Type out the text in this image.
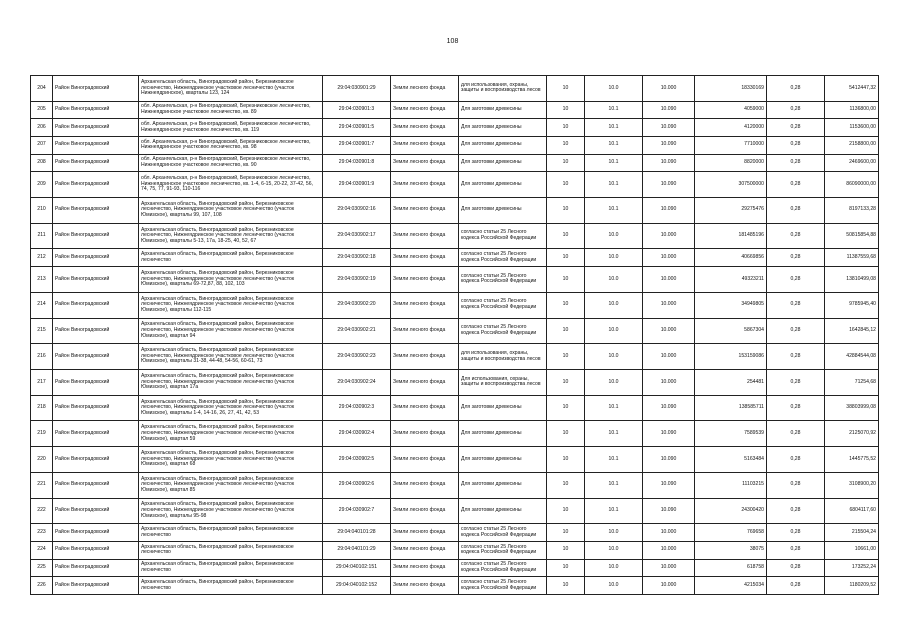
108
204	Район Виноградовский	Архангельская область, Виноградовский район, Березниковское лесничество, Нижнеядринское участковое лесничество (участок Нижнеядринское), кварталы 123, 124	29:04:030901:29	Земли лесного фонда	для использования, охраны, защиты и воспроизводства лесов	10	10.0	10.000	18330169	0,28	5412447,32
205	Район Виноградовский	обл. Архангельская, р-н Виноградовский, Березниковское лесничество, Нижнеядринское участковое лесничество, кв. 89	29:04:030901:3	Земли лесного фонда	Для заготовки древесины	10	10.1	10.090	4059000	0,28	1136800,00
206	Район Виноградовский	обл. Архангельская, р-н Виноградовский, Березниковское лесничество, Нижнеядринское участковое лесничество, кв. 119	29:04:030901:5	Земли лесного фонда	Для заготовки древесины	10	10.1	10.090	4120000	0,28	1153600,00
207	Район Виноградовский	обл. Архангельская, р-н Виноградовский, Березниковское лесничество, Нижнеядринское участковое лесничество, кв. 98	29:04:030901:7	Земли лесного фонда	Для заготовки древесины	10	10.1	10.090	7710000	0,28	2158800,00
208	Район Виноградовский	обл. Архангельская, р-н Виноградовский, Березниковское лесничество, Нижнеядринское участковое лесничество, кв. 90	29:04:030901:8	Земли лесного фонда	Для заготовки древесины	10	10.1	10.090	8820000	0,28	2469600,00
209	Район Виноградовский	обл. Архангельская, р-н Виноградовский, Березниковское лесничество, Нижнеядринское участковое лесничество, кв. 1-4, 6-15, 20-22, 37-42, 56, 74, 75, 77, 91-93, 110-116	29:04:030901:9	Земли лесного фонда	Для заготовки древесины	10	10.1	10.090	307500000	0,28	86090000,00
210	Район Виноградовский	Архангельская область, Виноградовский район, Березниковское лесничество, Нижнеядринское участковое лесничество (участок Юмизское), кварталы 99, 107, 108	29:04:030902:16	Земли лесного фонда	Для заготовки древесины	10	10.1	10.090	29275476	0,28	8197133,28
211	Район Виноградовский	Архангельская область, Виноградовский район, Березниковское лесничество, Нижнеядринское участковое лесничество (участок Юмизское), кварталы 5-13, 17а, 18-25, 40, 52, 67	29:04:030902:17	Земли лесного фонда	согласно статьи 25 Лесного кодекса Российской Федерации	10	10.0	10.000	181485196	0,28	50815854,88
212	Район Виноградовский	Архангельская область, Виноградовский район, Березниковское лесничество	29:04:030902:18	Земли лесного фонда	согласно статьи 25 Лесного кодекса Российской Федерации	10	10.0	10.000	40669856	0,28	11387559,68
213	Район Виноградовский	Архангельская область, Виноградовский район, Березниковское лесничество, Нижнеядринское участковое лесничество (участок Юмизское), кварталы 69-72,87, 88, 102, 103	29:04:030902:19	Земли лесного фонда	согласно статьи 25 Лесного кодекса Российской Федерации	10	10.0	10.000	49323211	0,28	13810499,08
214	Район Виноградовский	Архангельская область, Виноградовский район, Березниковское лесничество, Нижнеядринское участковое лесничество (участок Юмизское), кварталы 112-115	29:04:030902:20	Земли лесного фонда	согласно статьи 25 Лесного кодекса Российской Федерации	10	10.0	10.000	34949805	0,28	9785945,40
215	Район Виноградовский	Архангельская область, Виноградовский район, Березниковское лесничество, Нижнеядринское участковое лесничество (участок Юмизское), квартал 94	29:04:030902:21	Земли лесного фонда	согласно статьи 25 Лесного кодекса Российской Федерации	10	10.0	10.000	5867304	0,28	1642845,12
216	Район Виноградовский	Архангельская область, Виноградовский район, Березниковское лесничество, Нижнеядринское участковое лесничество (участок Юмизское), кварталы 31-38, 44-48, 54-56, 60-61, 73	29:04:030902:23	Земли лесного фонда	для использования, охраны, защиты и воспроизводства лесов	10	10.0	10.000	153159086	0,28	42884544,08
217	Район Виноградовский	Архангельская область, Виноградовский район, Березниковское лесничество, Нижнеядринское участковое лесничество (участок Юмизское), квартал 17а	29:04:030902:24	Земли лесного фонда	Для использования, охраны, защиты и воспроизводства лесов	10	10.0	10.000	254481	0,28	71254,68
218	Район Виноградовский	Архангельская область, Виноградовский район, Березниковское лесничество, Нижнеядринское участковое лесничество (участок Юмизское), кварталы 1-4, 14-16, 26, 27, 41, 42, 53	29:04:030902:3	Земли лесного фонда	Для заготовки древесины	10	10.1	10.090	138585711	0,28	38803999,08
219	Район Виноградовский	Архангельская область, Виноградовский район, Березниковское лесничество, Нижнеядринское участковое лесничество (участок Юмизское), квартал 59	29:04:030902:4	Земли лесного фонда	Для заготовки древесины	10	10.1	10.090	7589539	0,28	2125070,92
220	Район Виноградовский	Архангельская область, Виноградовский район, Березниковское лесничество, Нижнеядринское участковое лесничество (участок Юмизское), квартал 68	29:04:030902:5	Земли лесного фонда	Для заготовки древесины	10	10.1	10.090	5163484	0,28	1445775,52
221	Район Виноградовский	Архангельская область, Виноградовский район, Березниковское лесничество, Нижнеядринское участковое лесничество (участок Юмизское), квартал 85	29:04:030902:6	Земли лесного фонда	Для заготовки древесины	10	10.1	10.090	11103215	0,28	3108900,20
222	Район Виноградовский	Архангельская область, Виноградовский район, Березниковское лесничество, Нижнеядринское участковое лесничество (участок Юмизское), кварталы 95-98	29:04:030902:7	Земли лесного фонда	Для заготовки древесины	10	10.1	10.090	24300420	0,28	6804117,60
223	Район Виноградовский	Архангельская область, Виноградовский район, Березниковское лесничество	29:04:040101:28	Земли лесного фонда	согласно статьи 25 Лесного кодекса Российской Федерации	10	10.0	10.000	769658	0,28	215504,24
224	Район Виноградовский	Архангельская область, Виноградовский район, Березниковское лесничество	29:04:040101:29	Земли лесного фонда	согласно статьи 25 Лесного кодекса Российской Федерации	10	10.0	10.000	38075	0,28	10661,00
225	Район Виноградовский	Архангельская область, Виноградовский район, Березниковское лесничество	29:04:040102:151	Земли лесного фонда	согласно статьи 25 Лесного кодекса Российской Федерации	10	10.0	10.000	618758	0,28	173252,24
226	Район Виноградовский	Архангельская область, Виноградовский район, Березниковское лесничество	29:04:040102:152	Земли лесного фонда	согласно статьи 25 Лесного кодекса Российской Федерации	10	10.0	10.000	4215034	0,28	1180209,52
